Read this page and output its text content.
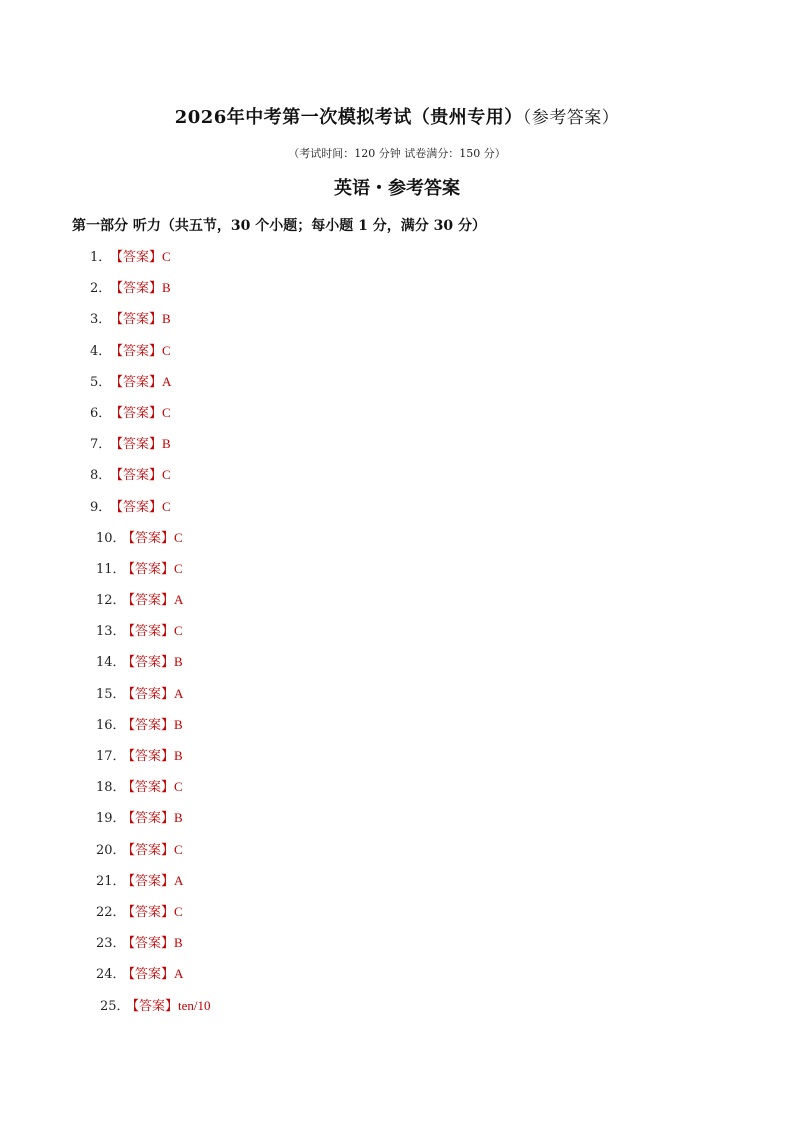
2026年中考第一次模拟考试（贵州专用）（参考答案）

（考试时间：120 分钟 试卷满分：150 分）

英语・参考答案

第一部分 听力（共五节，30 个小题；每小题 1 分，满分 30 分）

1．【答案】C
2．【答案】B
3．【答案】B
4．【答案】C
5．【答案】A
6．【答案】C
7．【答案】B
8．【答案】C
9．【答案】C
10．【答案】C
11．【答案】C
12．【答案】A
13．【答案】C
14．【答案】B
15．【答案】A
16．【答案】B
17．【答案】B
18．【答案】C
19．【答案】B
20．【答案】C
21．【答案】A
22．【答案】C
23．【答案】B
24．【答案】A
25．【答案】ten/10
